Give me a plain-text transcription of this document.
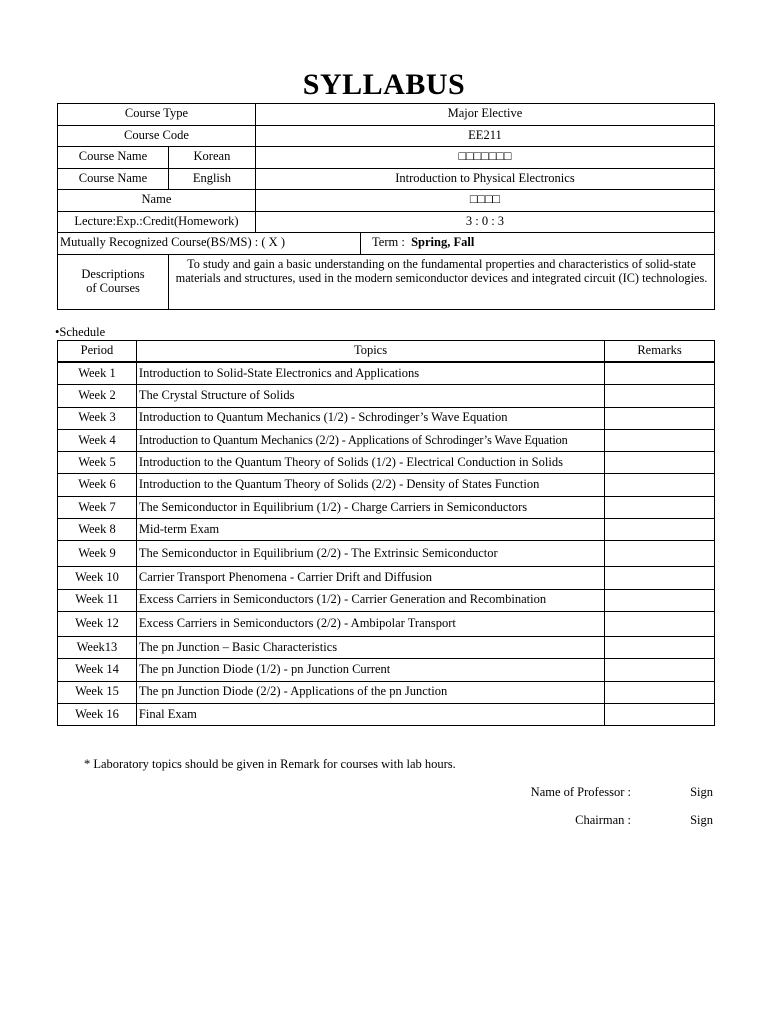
SYLLABUS
Course Type		Major Elective	
Course Code		EE211	
Course Name	Korean	□□□□□□□	
Course Name	English	Introduction to Physical Electronics	
Name		□□□□	
Lecture:Exp.:Credit(Homework)		3 : 0 : 3	
Mutually Recognized Course(BS/MS) : ( X )			Term : Spring, Fall

Descriptions
of Courses	To study and gain a basic understanding on the fundamental properties and characteristics of solid-state materials and structures, used in the modern semiconductor devices and integrated circuit (IC) technologies.		
•Schedule
Period	Topics	Remarks
Week 1	Introduction to Solid-State Electronics and Applications	
Week 2	The Crystal Structure of Solids	
Week 3	Introduction to Quantum Mechanics (1/2) - Schrodinger’s Wave Equation	
Week 4	Introduction to Quantum Mechanics (2/2) - Applications of Schrodinger’s Wave Equation	
Week 5	Introduction to the Quantum Theory of Solids (1/2) - Electrical Conduction in Solids	
Week 6	Introduction to the Quantum Theory of Solids (2/2) - Density of States Function	
Week 7	The Semiconductor in Equilibrium (1/2) - Charge Carriers in Semiconductors	
Week 8	Mid-term Exam	
Week 9	The Semiconductor in Equilibrium (2/2) - The Extrinsic Semiconductor	
Week 10	Carrier Transport Phenomena - Carrier Drift and Diffusion	
Week 11	Excess Carriers in Semiconductors (1/2) - Carrier Generation and Recombination	
Week 12	Excess Carriers in Semiconductors (2/2) - Ambipolar Transport	
Week13	The pn Junction – Basic Characteristics	
Week 14	The pn Junction Diode (1/2) - pn Junction Current	
Week 15	The pn Junction Diode (2/2) - Applications of the pn Junction	
Week 16	Final Exam	
* Laboratory topics should be given in Remark for courses with lab hours.
Name of Professor :	Sign
Chairman :	Sign
